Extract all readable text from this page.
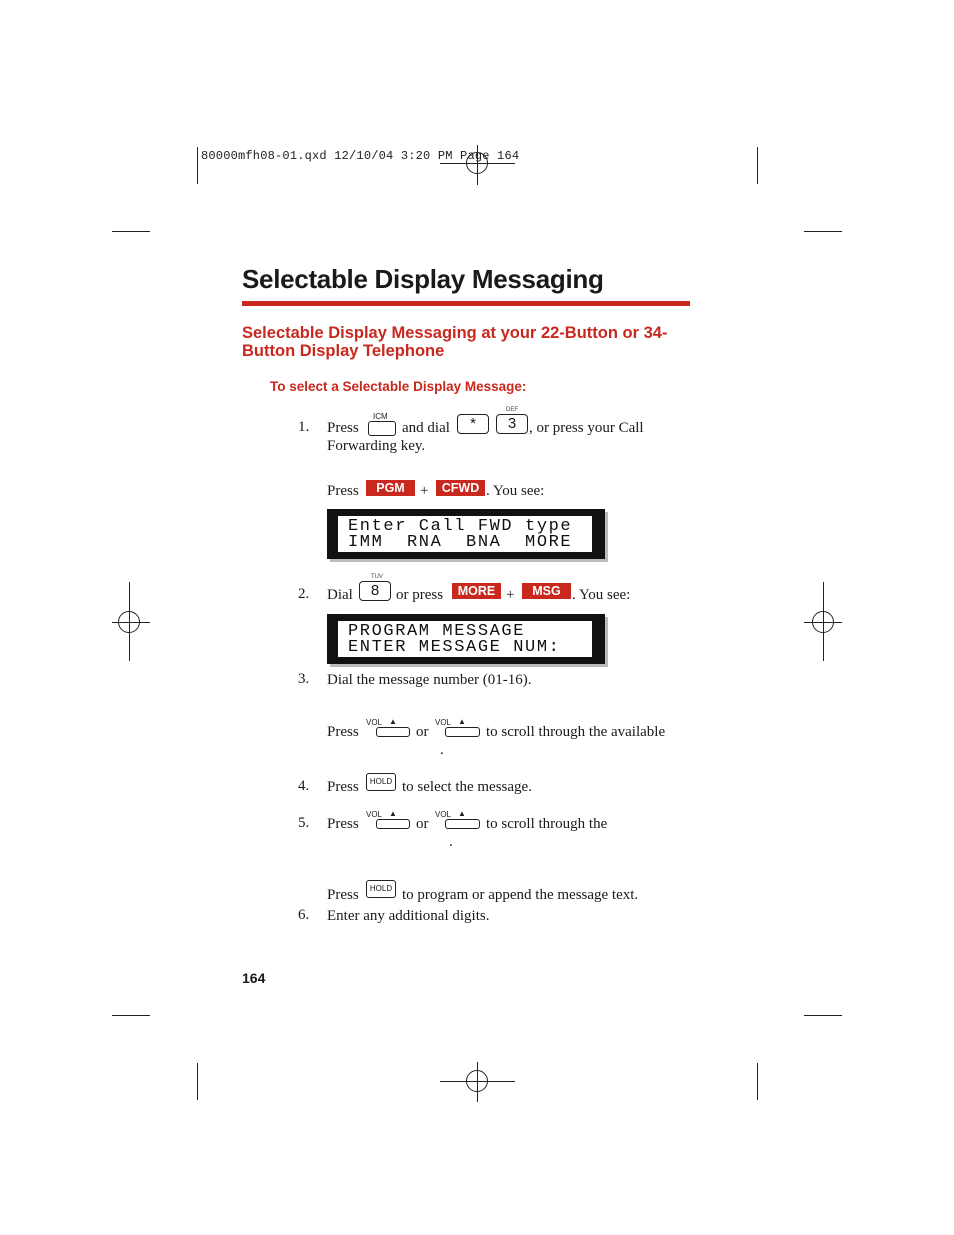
80000mfh08-01.qxd 12/10/04 3:20 PM Page 164
Selectable Display Messaging
Selectable Display Messaging at your 22-Button or 34-Button Display Telephone
To select a Selectable Display Message:
1. Press
ICM
and dial	*
DEF
3 , or press your Call
Forwarding key.
Press	PGM	+	CFWD . You see:
Enter Call FWD type
IMM  RNA  BNA  MORE
2. Dial
TUV
8	or press	MORE +	MSG . You see:
PROGRAM MESSAGE
ENTER MESSAGE NUM:
3. Dial the message number (01-16).
Press
VOL ▲
or
VOL ▲
to scroll through the available
.
4. Press	HOLD to select the message.
5. Press
VOL ▲
or
VOL ▲
to scroll through the
.
Press	HOLD to program or append the message text.
6. Enter any additional digits.
164
